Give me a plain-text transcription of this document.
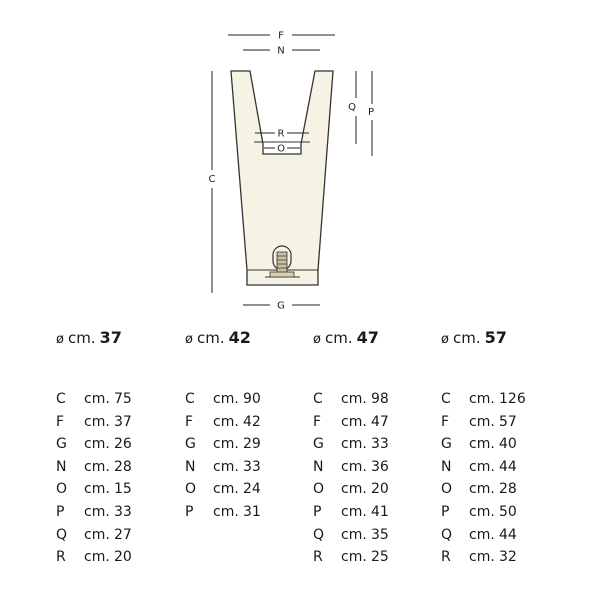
F
N
R
O
C
Q P
G
ø cm. 37
C cm. 75
F cm. 37
G cm. 26
N cm. 28
O cm. 15
P cm. 33
Q cm. 27
R cm. 20
ø cm. 42
C cm. 90
F cm. 42
G cm. 29
N cm. 33
O cm. 24
P cm. 31
ø cm. 47
C cm. 98
F cm. 47
G cm. 33
N cm. 36
O cm. 20
P cm. 41
Q cm. 35
R cm. 25
ø cm. 57
C cm. 126
F cm. 57
G cm. 40
N cm. 44
O cm. 28
P cm. 50
Q cm. 44
R cm. 32
